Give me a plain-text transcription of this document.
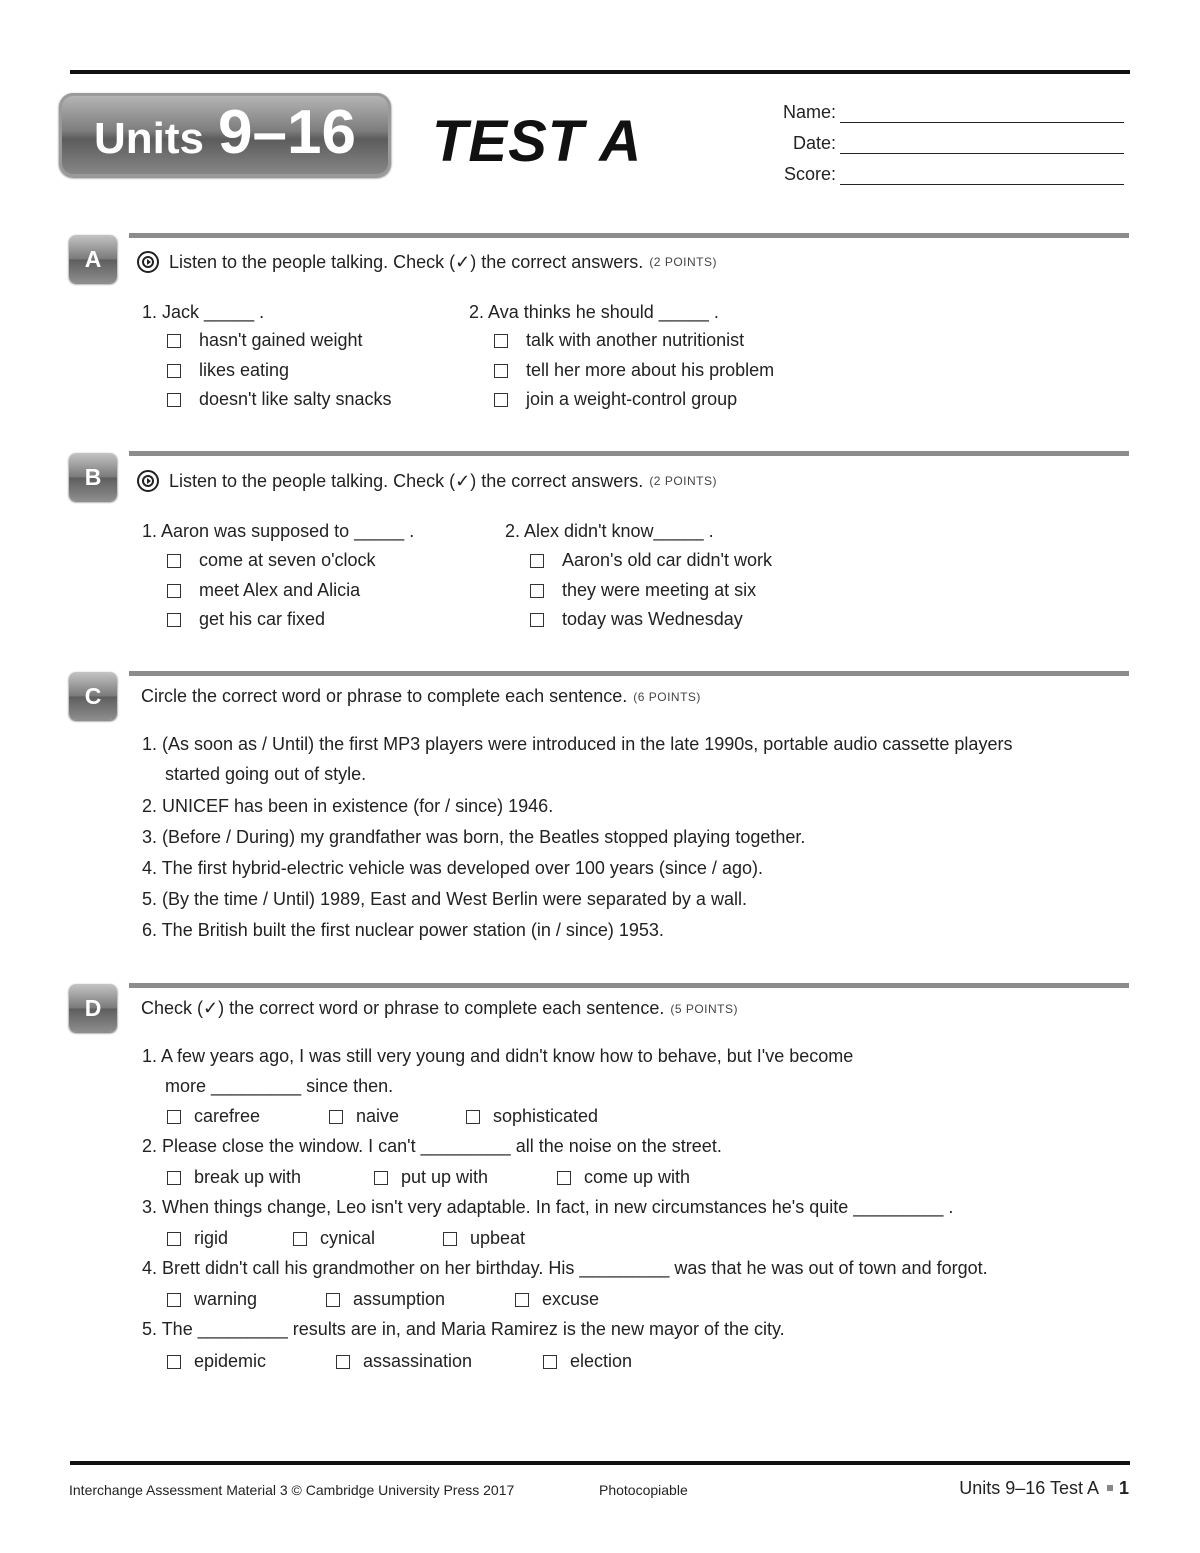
Units 9–16 TEST A	Name:
Date:
Score:
A	Listen to the people talking. Check (✓) the correct answers. (2 POINTS)
1. Jack _____ .
hasn't gained weight
likes eating
doesn't like salty snacks
2. Ava thinks he should _____ .
talk with another nutritionist
tell her more about his problem
join a weight-control group
B	Listen to the people talking. Check (✓) the correct answers. (2 POINTS)
1. Aaron was supposed to _____ .
come at seven o'clock
meet Alex and Alicia
get his car fixed
2. Alex didn't know_____ .
Aaron's old car didn't work
they were meeting at six
today was Wednesday
C	Circle the correct word or phrase to complete each sentence. (6 POINTS)
1. (As soon as / Until) the first MP3 players were introduced in the late 1990s, portable audio cassette players
started going out of style.
2. UNICEF has been in existence (for / since) 1946.
3. (Before / During) my grandfather was born, the Beatles stopped playing together.
4. The first hybrid-electric vehicle was developed over 100 years (since / ago).
5. (By the time / Until) 1989, East and West Berlin were separated by a wall.
6. The British built the first nuclear power station (in / since) 1953.
D	Check (✓) the correct word or phrase to complete each sentence. (5 POINTS)
1. A few years ago, I was still very young and didn't know how to behave, but I've become
more _________ since then.
carefree	naive	sophisticated
2. Please close the window. I can't _________ all the noise on the street.
break up with	put up with	come up with
3. When things change, Leo isn't very adaptable. In fact, in new circumstances he's quite _________ .
rigid	cynical	upbeat
4. Brett didn't call his grandmother on her birthday. His _________ was that he was out of town and forgot.
warning	assumption	excuse
5. The _________ results are in, and Maria Ramirez is the new mayor of the city.
epidemic	assassination	election
Interchange Assessment Material 3 © Cambridge University Press 2017	Photocopiable	Units 9–16 Test A 1
